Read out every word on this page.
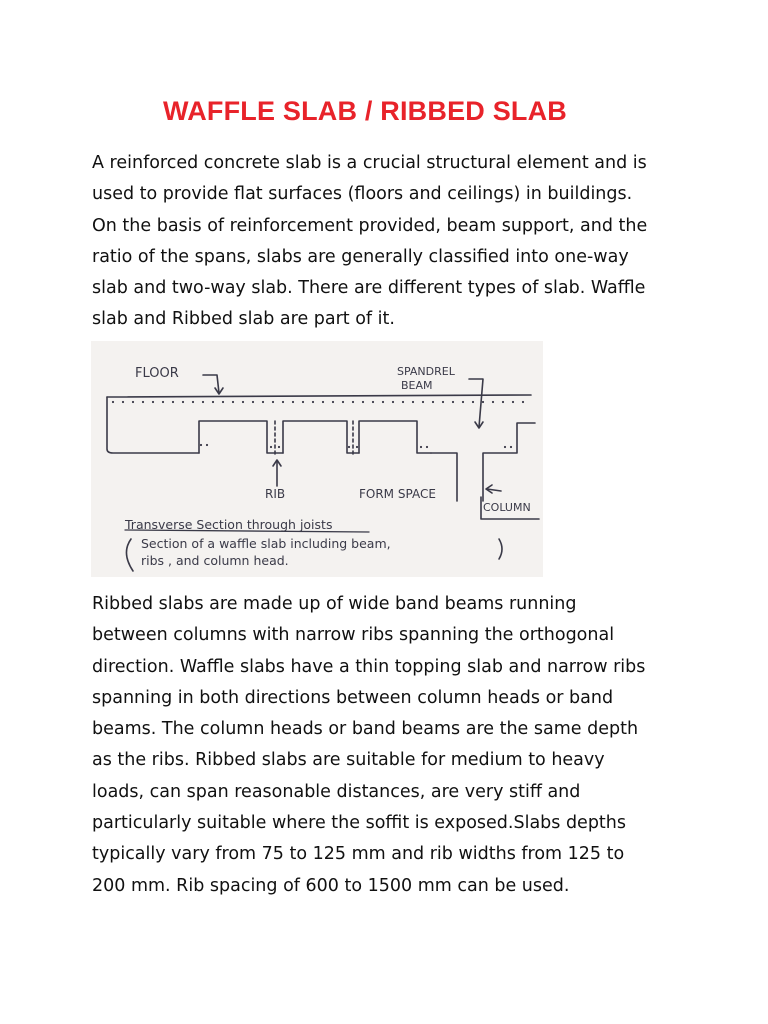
WAFFLE SLAB / RIBBED SLAB
A reinforced concrete slab is a crucial structural element and is
used to provide flat surfaces (floors and ceilings) in buildings.
On the basis of reinforcement provided, beam support, and the
ratio of the spans, slabs are generally classified into one-way
slab and two-way slab. There are different types of slab. Waffle
slab and Ribbed slab are part of it.
FLOOR	SPANDREL
BEAM
RIB	FORM SPACE
COLUMN
Transverse Section through joists
Section of a waffle slab including beam,
ribs , and column head.
Ribbed slabs are made up of wide band beams running
between columns with narrow ribs spanning the orthogonal
direction. Waffle slabs have a thin topping slab and narrow ribs
spanning in both directions between column heads or band
beams. The column heads or band beams are the same depth
as the ribs. Ribbed slabs are suitable for medium to heavy
loads, can span reasonable distances, are very stiff and
particularly suitable where the soffit is exposed.Slabs depths
typically vary from 75 to 125 mm and rib widths from 125 to
200 mm. Rib spacing of 600 to 1500 mm can be used.
